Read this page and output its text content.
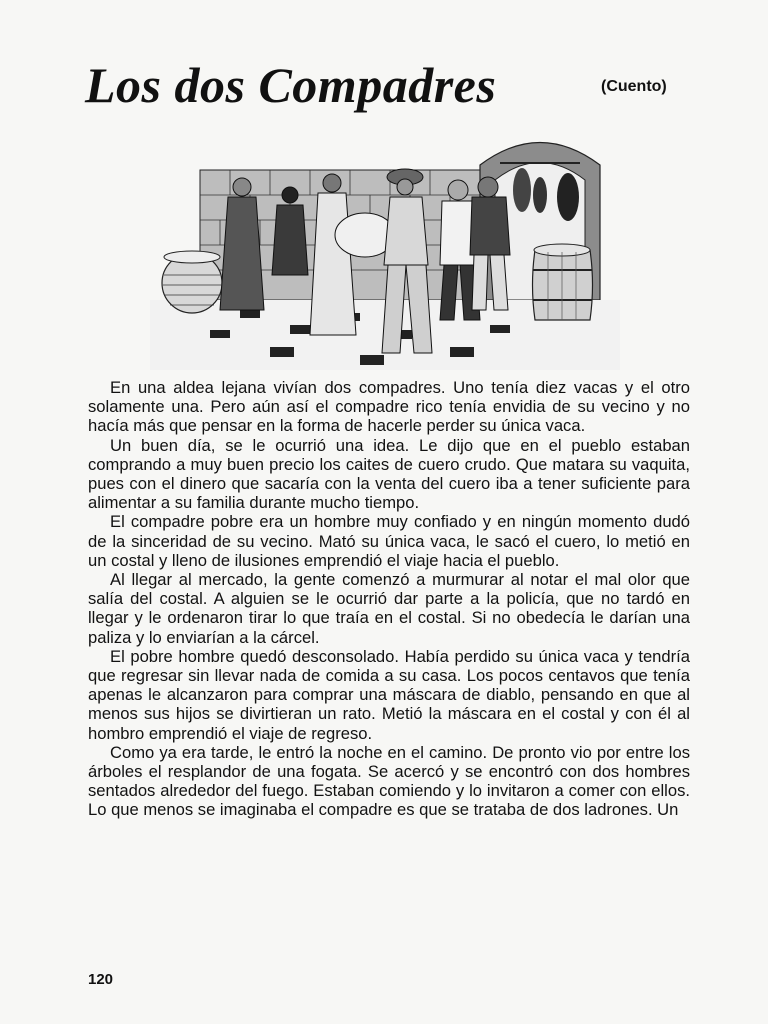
Los dos Compadres	(Cuento)

En una aldea lejana vivían dos compadres. Uno tenía diez vacas y el otro solamente una. Pero aún así el compadre rico tenía envidia de su vecino y no hacía más que pensar en la forma de hacerle perder su única vaca.

Un buen día, se le ocurrió una idea. Le dijo que en el pueblo estaban comprando a muy buen precio los caites de cuero crudo. Que matara su vaquita, pues con el dinero que sacaría con la venta del cuero iba a tener suficiente para alimentar a su familia durante mucho tiempo.

El compadre pobre era un hombre muy confiado y en ningún momento dudó de la sinceridad de su vecino. Mató su única vaca, le sacó el cuero, lo metió en un costal y lleno de ilusiones emprendió el viaje hacia el pueblo.

Al llegar al mercado, la gente comenzó a murmurar al notar el mal olor que salía del costal. A alguien se le ocurrió dar parte a la policía, que no tardó en llegar y le ordenaron tirar lo que traía en el costal. Si no obedecía le darían una paliza y lo enviarían a la cárcel.

El pobre hombre quedó desconsolado. Había perdido su única vaca y tendría que regresar sin llevar nada de comida a su casa. Los pocos centavos que tenía apenas le alcanzaron para comprar una máscara de diablo, pensando en que al menos sus hijos se divirtieran un rato. Metió la máscara en el costal y con él al hombro emprendió el viaje de regreso.

Como ya era tarde, le entró la noche en el camino. De pronto vio por entre los árboles el resplandor de una fogata. Se acercó y se encontró con dos hombres sentados alrededor del fuego. Estaban comiendo y lo invitaron a comer con ellos. Lo que menos se imaginaba el compadre es que se trataba de dos ladrones. Un

120
